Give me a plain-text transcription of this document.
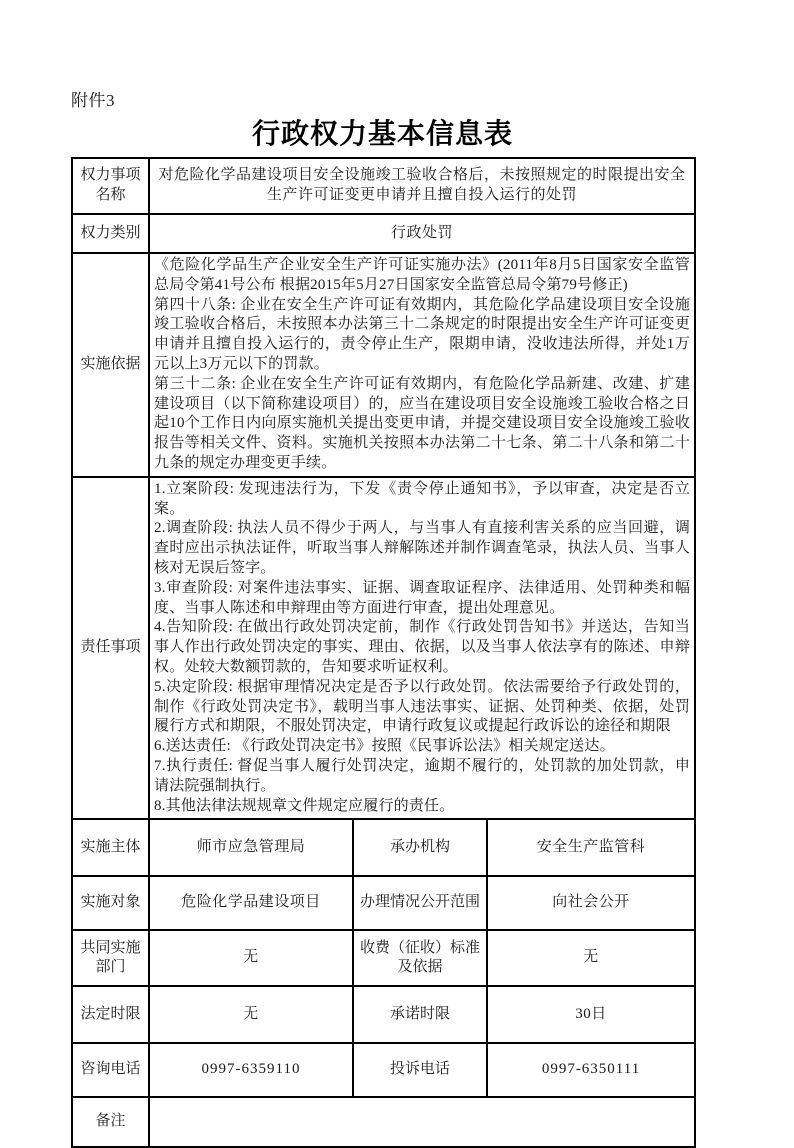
附件3
行政权力基本信息表
权力事项名称	对危险化学品建设项目安全设施竣工验收合格后，未按照规定的时限提出安全生产许可证变更申请并且擅自投入运行的处罚		
权力类别	行政处罚		
实施依据	《危险化学品生产企业安全生产许可证实施办法》(2011年8月5日国家安全监管总局令第41号公布 根据2015年5月27日国家安全监管总局令第79号修正)
第四十八条: 企业在安全生产许可证有效期内，其危险化学品建设项目安全设施竣工验收合格后，未按照本办法第三十二条规定的时限提出安全生产许可证变更申请并且擅自投入运行的，责令停止生产，限期申请，没收违法所得，并处1万元以上3万元以下的罚款。
第三十二条: 企业在安全生产许可证有效期内，有危险化学品新建、改建、扩建建设项目（以下简称建设项目）的，应当在建设项目安全设施竣工验收合格之日起10个工作日内向原实施机关提出变更申请，并提交建设项目安全设施竣工验收报告等相关文件、资料。实施机关按照本办法第二十七条、第二十八条和第二十九条的规定办理变更手续。		

责任事项	
1.立案阶段: 发现违法行为，下发《责令停止通知书》，予以审查，决定是否立案。
2.调查阶段: 执法人员不得少于两人，与当事人有直接利害关系的应当回避，调查时应出示执法证件，听取当事人辩解陈述并制作调查笔录，执法人员、当事人核对无误后签字。
3.审查阶段: 对案件违法事实、证据、调查取证程序、法律适用、处罚种类和幅度、当事人陈述和申辩理由等方面进行审查，提出处理意见。
4.告知阶段: 在做出行政处罚决定前，制作《行政处罚告知书》并送达，告知当事人作出行政处罚决定的事实、理由、依据，以及当事人依法享有的陈述、申辩权。处较大数额罚款的，告知要求听证权利。
5.决定阶段: 根据审理情况决定是否予以行政处罚。依法需要给予行政处罚的，制作《行政处罚决定书》，载明当事人违法事实、证据、处罚种类、依据，处罚履行方式和期限，不服处罚决定，申请行政复议或提起行政诉讼的途径和期限
6.送达责任: 《行政处罚决定书》按照《民事诉讼法》相关规定送达。
7.执行责任: 督促当事人履行处罚决定，逾期不履行的，处罚款的加处罚款，申请法院强制执行。
8.其他法律法规规章文件规定应履行的责任。

实施主体	师市应急管理局	承办机构	安全生产监管科
实施对象	危险化学品建设项目	办理情况公开范围	向社会公开
共同实施部门	无	收费（征收）标准及依据	无
法定时限	无	承诺时限	30日
咨询电话	0997-6359110	投诉电话	0997-6350111
备注			
